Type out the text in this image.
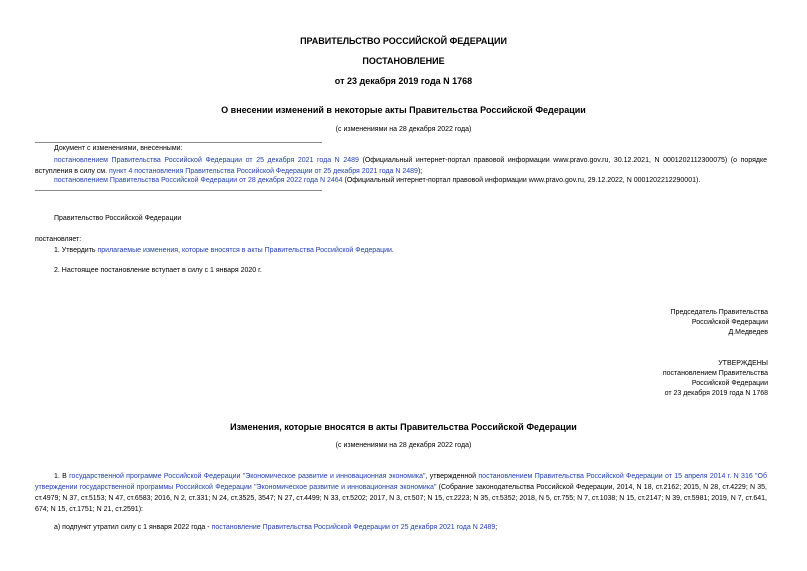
ПРАВИТЕЛЬСТВО РОССИЙСКОЙ ФЕДЕРАЦИИ
ПОСТАНОВЛЕНИЕ
от 23 декабря 2019 года N 1768
О внесении изменений в некоторые акты Правительства Российской Федерации
(с изменениями на 28 декабря 2022 года)
Документ с изменениями, внесенными:
постановлением Правительства Российской Федерации от 25 декабря 2021 года N 2489 (Официальный интернет-портал правовой информации www.pravo.gov.ru, 30.12.2021, N 0001202112300075) (о порядке вступления в силу см. пункт 4 постановления Правительства Российской Федерации от 25 декабря 2021 года N 2489);
постановлением Правительства Российской Федерации от 28 декабря 2022 года N 2464 (Официальный интернет-портал правовой информации www.pravo.gov.ru, 29.12.2022, N 0001202212290001).
Правительство Российской Федерации
постановляет:
1. Утвердить прилагаемые изменения, которые вносятся в акты Правительства Российской Федерации.
2. Настоящее постановление вступает в силу с 1 января 2020 г.
Председатель Правительства
Российской Федерации
Д.Медведев
УТВЕРЖДЕНЫ
постановлением Правительства
Российской Федерации
от 23 декабря 2019 года N 1768
Изменения, которые вносятся в акты Правительства Российской Федерации
(с изменениями на 28 декабря 2022 года)
1. В государственной программе Российской Федерации "Экономическое развитие и инновационная экономика", утвержденной постановлением Правительства Российской Федерации от 15 апреля 2014 г. N 316 "Об утверждении государственной программы Российской Федерации "Экономическое развитие и инновационная экономика" (Собрание законодательства Российской Федерации, 2014, N 18, ст.2162; 2015, N 28, ст.4229; N 35, ст.4979; N 37, ст.5153; N 47, ст.6583; 2016, N 2, ст.331; N 24, ст.3525, 3547; N 27, ст.4499; N 33, ст.5202; 2017, N 3, ст.507; N 15, ст.2223; N 35, ст.5352; 2018, N 5, ст.755; N 7, ст.1038; N 15, ст.2147; N 39, ст.5981; 2019, N 7, ст.641, 674; N 15, ст.1751; N 21, ст.2591):
а) подпункт утратил силу с 1 января 2022 года - постановление Правительства Российской Федерации от 25 декабря 2021 года N 2489;
